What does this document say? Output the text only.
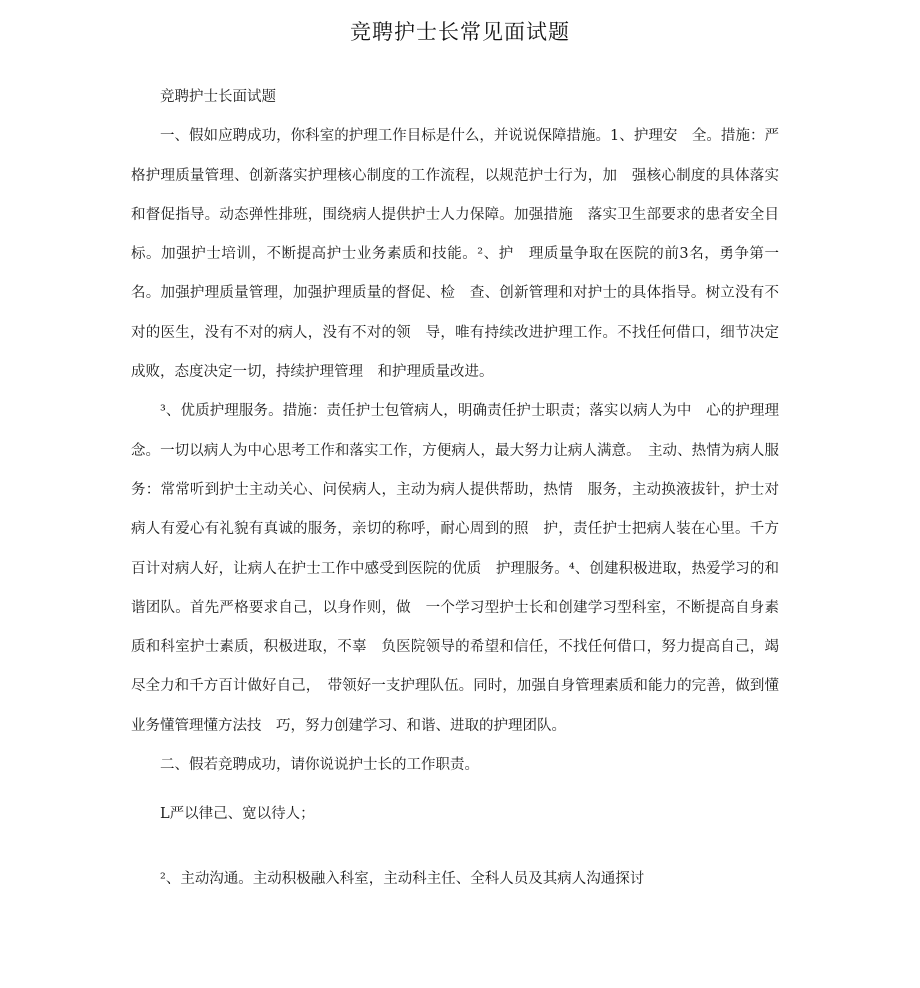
竞聘护士长常见面试题

竞聘护士长面试题

一、假如应聘成功，你科室的护理工作目标是什么，并说说保障措施。1、护理安　全。措施：严格护理质量管理、创新落实护理核心制度的工作流程，以规范护士行为，加　强核心制度的具体落实和督促指导。动态弹性排班，围绕病人提供护士人力保障。加强措施　落实卫生部要求的患者安全目标。加强护士培训，不断提高护士业务素质和技能。²、护　理质量争取在医院的前3名，勇争第一名。加强护理质量管理，加强护理质量的督促、检　查、创新管理和对护士的具体指导。树立没有不对的医生，没有不对的病人，没有不对的领　导，唯有持续改进护理工作。不找任何借口，细节决定成败，态度决定一切，持续护理管理　和护理质量改进。

³、优质护理服务。措施：责任护士包管病人，明确责任护士职责；落实以病人为中　心的护理理念。一切以病人为中心思考工作和落实工作，方便病人，最大努力让病人满意。　主动、热情为病人服务：常常听到护士主动关心、问侯病人，主动为病人提供帮助，热情　服务，主动换液拔针，护士对病人有爱心有礼貌有真诚的服务，亲切的称呼，耐心周到的照　护，责任护士把病人装在心里。千方百计对病人好，让病人在护士工作中感受到医院的优质　护理服务。⁴、创建积极进取，热爱学习的和谐团队。首先严格要求自己，以身作则，做　一个学习型护士长和创建学习型科室，不断提高自身素质和科室护士素质，积极进取，不辜　负医院领导的希望和信任，不找任何借口，努力提高自己，竭尽全力和千方百计做好自己，　带领好一支护理队伍。同时，加强自身管理素质和能力的完善，做到懂业务懂管理懂方法技　巧，努力创建学习、和谐、进取的护理团队。

二、假若竞聘成功，请你说说护士长的工作职责。

L严以律己、宽以待人；

²、主动沟通。主动积极融入科室，主动科主任、全科人员及其病人沟通探讨
